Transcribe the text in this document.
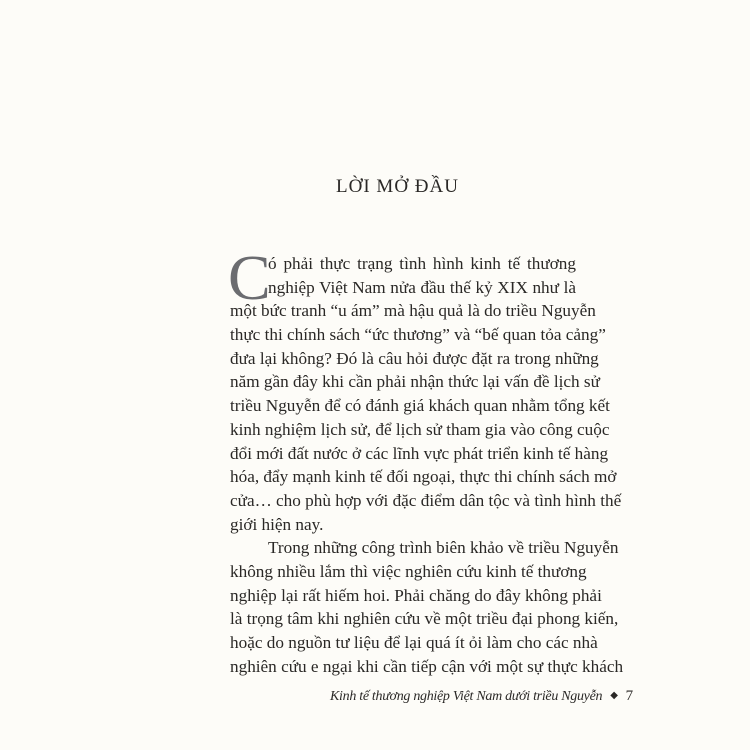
LỜI MỞ ĐẦU
C
ó phải thực trạng tình hình kinh tế thương
nghiệp Việt Nam nửa đầu thế kỷ XIX như là
một bức tranh “u ám” mà hậu quả là do triều Nguyễn
thực thi chính sách “ức thương” và “bế quan tỏa cảng”
đưa lại không? Đó là câu hỏi được đặt ra trong những
năm gần đây khi cần phải nhận thức lại vấn đề lịch sử
triều Nguyễn để có đánh giá khách quan nhằm tổng kết
kinh nghiệm lịch sử, để lịch sử tham gia vào công cuộc
đổi mới đất nước ở các lĩnh vực phát triển kinh tế hàng
hóa, đẩy mạnh kinh tế đối ngoại, thực thi chính sách mở
cửa… cho phù hợp với đặc điểm dân tộc và tình hình thế
giới hiện nay.
Trong những công trình biên khảo về triều Nguyễn
không nhiều lắm thì việc nghiên cứu kinh tế thương
nghiệp lại rất hiếm hoi. Phải chăng do đây không phải
là trọng tâm khi nghiên cứu về một triều đại phong kiến,
hoặc do nguồn tư liệu để lại quá ít ỏi làm cho các nhà
nghiên cứu e ngại khi cần tiếp cận với một sự thực khách
Kinh tế thương nghiệp Việt Nam dưới triều Nguyễn ◆ 7
